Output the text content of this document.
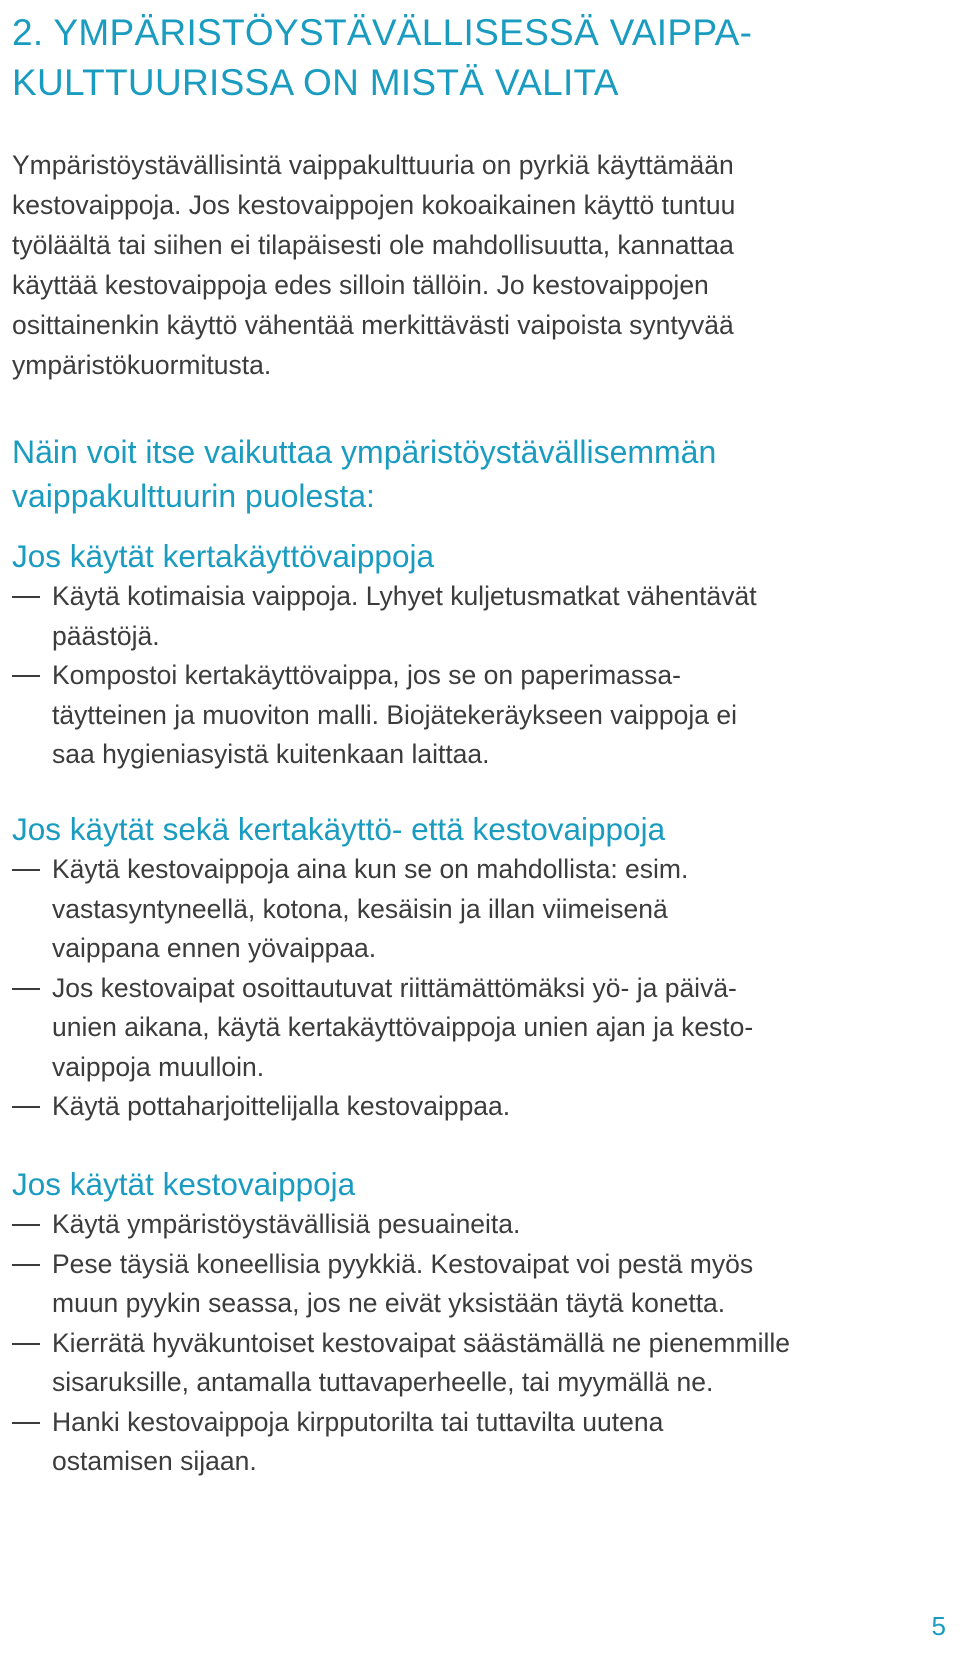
2. YMPÄRISTÖYSTÄVÄLLISESSÄ VAIPPA-
KULTTUURISSA ON MISTÄ VALITA

Ympäristöystävällisintä vaippakulttuuria on pyrkiä käyttämään
kestovaippoja. Jos kestovaippojen kokoaikainen käyttö tuntuu
työläältä tai siihen ei tilapäisesti ole mahdollisuutta, kannattaa
käyttää kestovaippoja edes silloin tällöin. Jo kestovaippojen
osittainenkin käyttö vähentää merkittävästi vaipoista syntyvää
ympäristökuormitusta.

Näin voit itse vaikuttaa ympäristöystävällisemmän
vaippakulttuurin puolesta:
Jos käytät kertakäyttövaippoja
Käytä kotimaisia vaippoja. Lyhyet kuljetusmatkat vähentävät
päästöjä.
Kompostoi kertakäyttövaippa, jos se on paperimassa-
täytteinen ja muoviton malli. Biojätekeräykseen vaippoja ei
saa hygieniasyistä kuitenkaan laittaa.
Jos käytät sekä kertakäyttö- että kestovaippoja
Käytä kestovaippoja aina kun se on mahdollista: esim.
vastasyntyneellä, kotona, kesäisin ja illan viimeisenä
vaippana ennen yövaippaa.
Jos kestovaipat osoittautuvat riittämättömäksi yö- ja päivä-
unien aikana, käytä kertakäyttövaippoja unien ajan ja kesto-
vaippoja muulloin.
Käytä pottaharjoittelijalla kestovaippaa.
Jos käytät kestovaippoja
Käytä ympäristöystävällisiä pesuaineita.
Pese täysiä koneellisia pyykkiä. Kestovaipat voi pestä myös
muun pyykin seassa, jos ne eivät yksistään täytä konetta.
Kierrätä hyväkuntoiset kestovaipat säästämällä ne pienemmille
sisaruksille, antamalla tuttavaperheelle, tai myymällä ne.
Hanki kestovaippoja kirpputorilta tai tuttavilta uutena
ostamisen sijaan.
5
